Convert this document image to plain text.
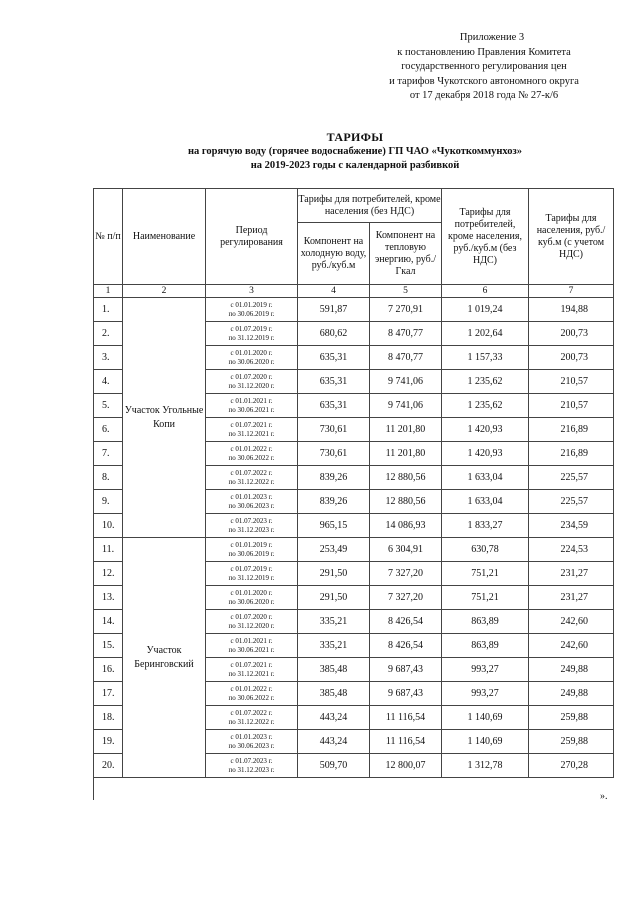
Приложение 3
к постановлению Правления Комитета
государственного регулирования цен
и тарифов Чукотского автономного округа
от 17 декабря 2018 года № 27-к/6
ТАРИФЫ
на горячую воду (горячее водоснабжение) ГП ЧАО «Чукоткоммунхоз»
на 2019-2023 годы с календарной разбивкой
№ п/п	Наименование	Период регулирования	Тарифы для потребителей, кроме населения (без НДС)		Тарифы для потребителей, кроме населения, руб./куб.м (без НДС)	Тарифы для населения, руб./куб.м (с учетом НДС)
			Компонент на холодную воду, руб./куб.м	Компонент на тепловую энергию, руб./Гкал		
1	2	3	4	5	6	7
1.	Участок Угольные Копи	с 01.01.2019 г.
по 30.06.2019 г.	591,87	7 270,91	1 019,24	194,88
2.		с 01.07.2019 г.
по 31.12.2019 г.	680,62	8 470,77	1 202,64	200,73
3.		с 01.01.2020 г.
по 30.06.2020 г.	635,31	8 470,77	1 157,33	200,73
4.		с 01.07.2020 г.
по 31.12.2020 г.	635,31	9 741,06	1 235,62	210,57
5.		с 01.01.2021 г.
по 30.06.2021 г.	635,31	9 741,06	1 235,62	210,57
6.		с 01.07.2021 г.
по 31.12.2021 г.	730,61	11 201,80	1 420,93	216,89
7.		с 01.01.2022 г.
по 30.06.2022 г.	730,61	11 201,80	1 420,93	216,89
8.		с 01.07.2022 г.
по 31.12.2022 г.	839,26	12 880,56	1 633,04	225,57
9.		с 01.01.2023 г.
по 30.06.2023 г.	839,26	12 880,56	1 633,04	225,57
10.		с 01.07.2023 г.
по 31.12.2023 г.	965,15	14 086,93	1 833,27	234,59
11.	Участок Беринговский	с 01.01.2019 г.
по 30.06.2019 г.	253,49	6 304,91	630,78	224,53
12.		с 01.07.2019 г.
по 31.12.2019 г.	291,50	7 327,20	751,21	231,27
13.		с 01.01.2020 г.
по 30.06.2020 г.	291,50	7 327,20	751,21	231,27
14.		с 01.07.2020 г.
по 31.12.2020 г.	335,21	8 426,54	863,89	242,60
15.		с 01.01.2021 г.
по 30.06.2021 г.	335,21	8 426,54	863,89	242,60
16.		с 01.07.2021 г.
по 31.12.2021 г.	385,48	9 687,43	993,27	249,88
17.		с 01.01.2022 г.
по 30.06.2022 г.	385,48	9 687,43	993,27	249,88
18.		с 01.07.2022 г.
по 31.12.2022 г.	443,24	11 116,54	1 140,69	259,88
19.		с 01.01.2023 г.
по 30.06.2023 г.	443,24	11 116,54	1 140,69	259,88
20.		с 01.07.2023 г.
по 31.12.2023 г.	509,70	12 800,07	1 312,78	270,28

».
